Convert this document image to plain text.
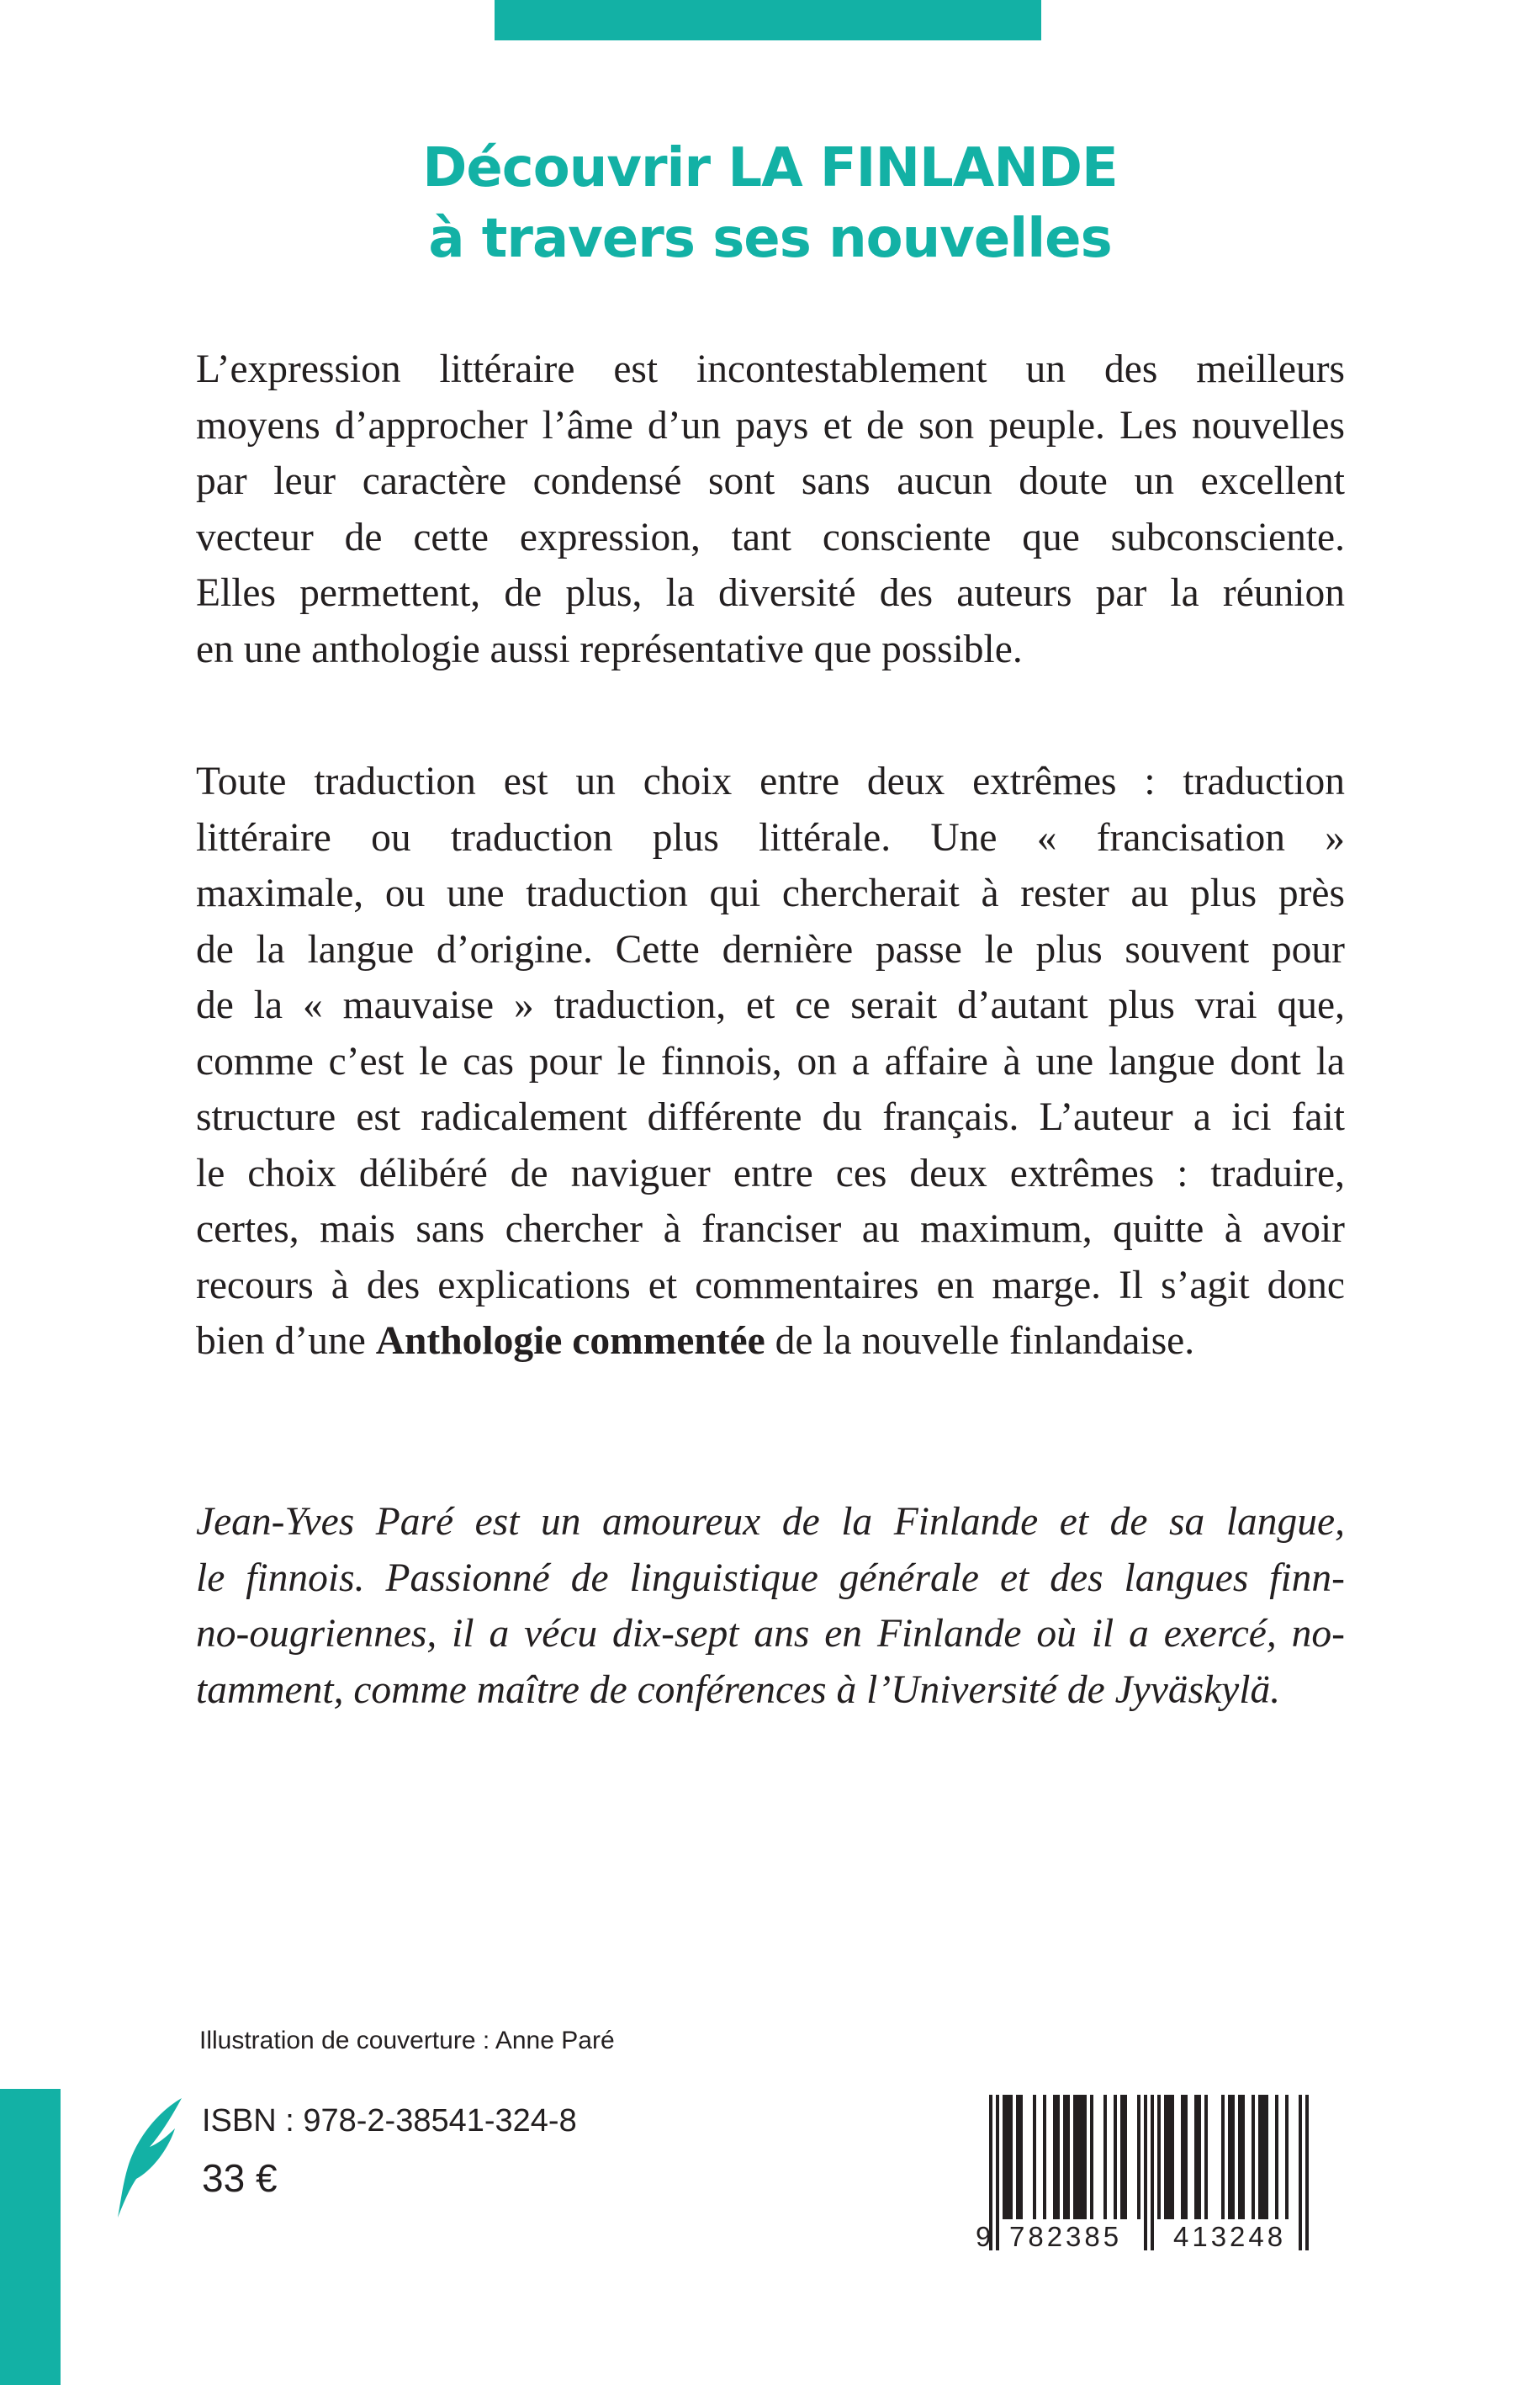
Découvrir LA FINLANDE
à travers ses nouvelles
L’expression littéraire est incontestablement un des meilleurs
moyens d’approcher l’âme d’un pays et de son peuple. Les nouvelles
par leur caractère condensé sont sans aucun doute un excellent
vecteur de cette expression, tant consciente que subconsciente.
Elles permettent, de plus, la diversité des auteurs par la réunion
en une anthologie aussi représentative que possible.
Toute traduction est un choix entre deux extrêmes : traduction
littéraire ou traduction plus littérale. Une « francisation »
maximale, ou une traduction qui chercherait à rester au plus près
de la langue d’origine. Cette dernière passe le plus souvent pour
de la « mauvaise » traduction, et ce serait d’autant plus vrai que,
comme c’est le cas pour le finnois, on a affaire à une langue dont la
structure est radicalement différente du français. L’auteur a ici fait
le choix délibéré de naviguer entre ces deux extrêmes : traduire,
certes, mais sans chercher à franciser au maximum, quitte à avoir
recours à des explications et commentaires en marge. Il s’agit donc
bien d’une Anthologie commentée de la nouvelle finlandaise.
Jean-Yves Paré est un amoureux de la Finlande et de sa langue,
le finnois. Passionné de linguistique générale et des langues finn-
no-ougriennes, il a vécu dix-sept ans en Finlande où il a exercé, no-
tamment, comme maître de conférences à l’Université de Jyväskylä.
Illustration de couverture : Anne Paré
ISBN : 978-2-38541-324-8
33 €
9 782385 413248
